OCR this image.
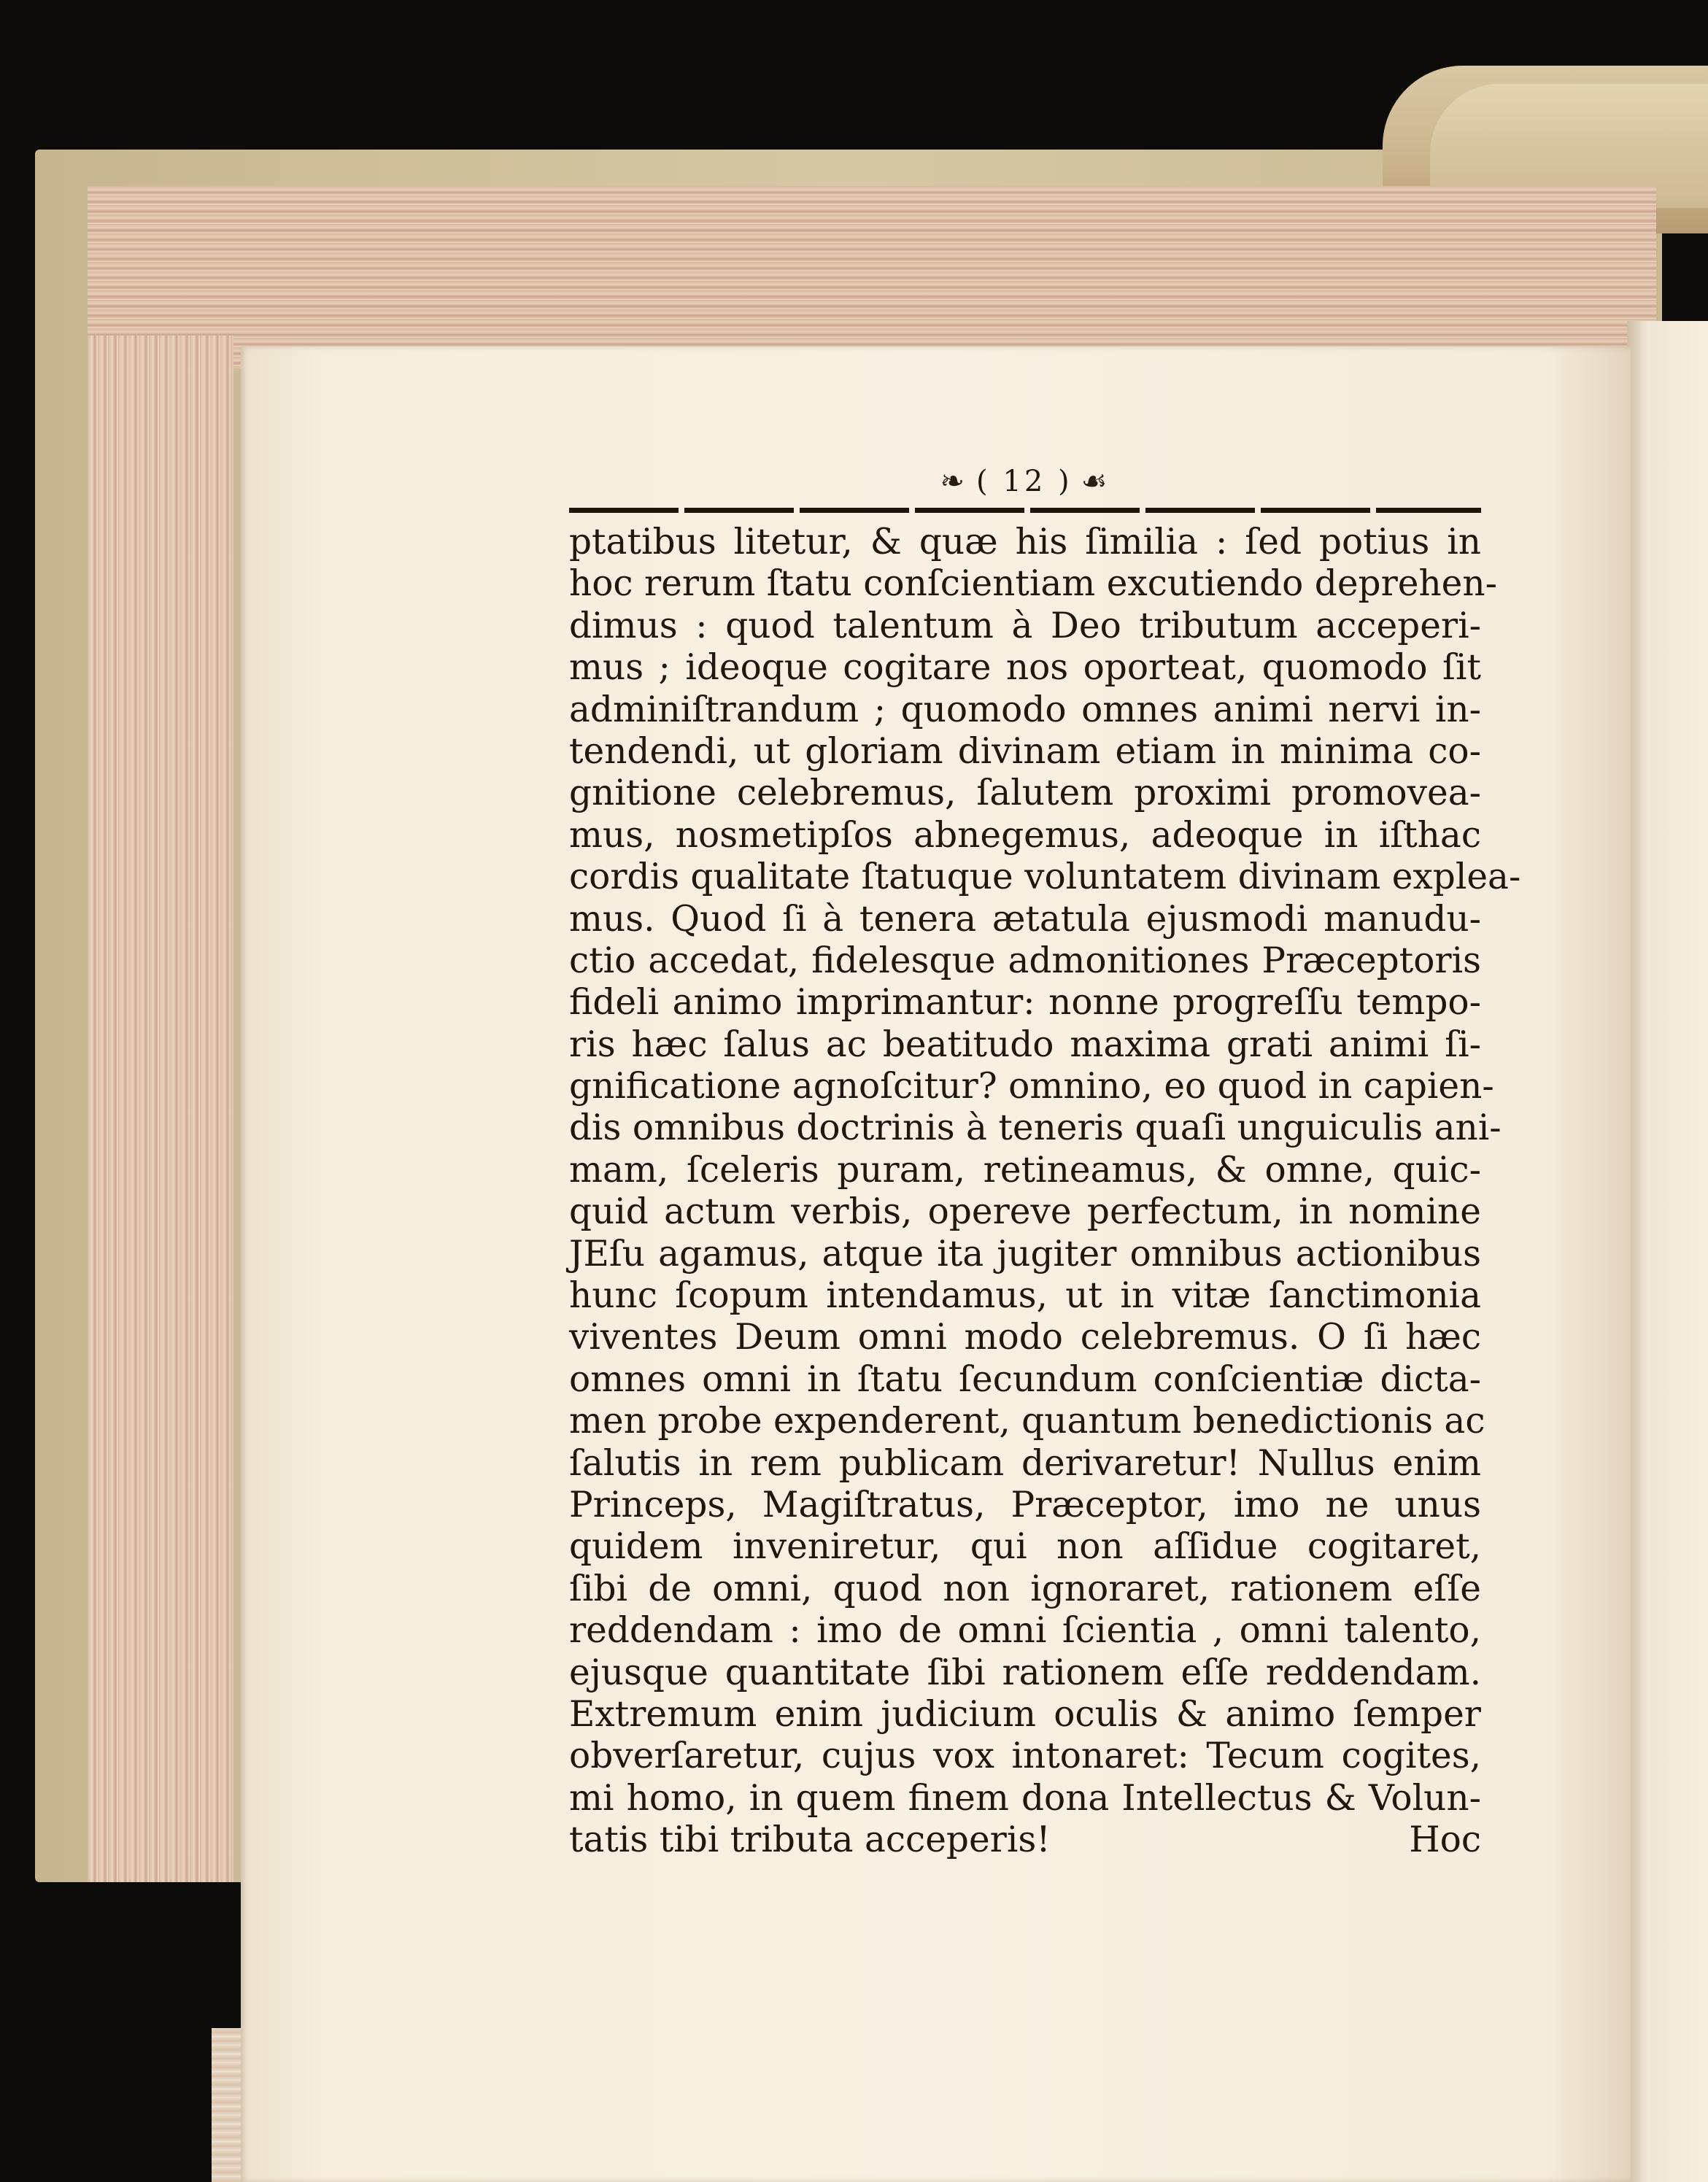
❧ ( 12 ) ☙
ptatibus litetur, & quæ his ſimilia : ſed potius in
hoc rerum ſtatu conſcientiam excutiendo deprehen-
dimus : quod talentum à Deo tributum acceperi-
mus ; ideoque cogitare nos oporteat, quomodo ſit
adminiſtrandum ; quomodo omnes animi nervi in-
tendendi, ut gloriam divinam etiam in minima co-
gnitione celebremus, ſalutem proximi promovea-
mus, nosmetipſos abnegemus, adeoque in iſthac
cordis qualitate ſtatuque voluntatem divinam explea-
mus. Quod ſi à tenera ætatula ejusmodi manudu-
ctio accedat, fidelesque admonitiones Præceptoris
fideli animo imprimantur: nonne progreſſu tempo-
ris hæc ſalus ac beatitudo maxima grati animi ſi-
gnificatione agnoſcitur? omnino, eo quod in capien-
dis omnibus doctrinis à teneris quaſi unguiculis ani-
mam, ſceleris puram, retineamus, & omne, quic-
quid actum verbis, opereve perfectum, in nomine
JEſu agamus, atque ita jugiter omnibus actionibus
hunc ſcopum intendamus, ut in vitæ ſanctimonia
viventes Deum omni modo celebremus. O ſi hæc
omnes omni in ſtatu ſecundum conſcientiæ dicta-
men probe expenderent, quantum benedictionis ac
ſalutis in rem publicam derivaretur! Nullus enim
Princeps, Magiſtratus, Præceptor, imo ne unus
quidem inveniretur, qui non aſſidue cogitaret,
ſibi de omni, quod non ignoraret, rationem eſſe
reddendam : imo de omni ſcientia , omni talento,
ejusque quantitate ſibi rationem eſſe reddendam.
Extremum enim judicium oculis & animo ſemper
obverſaretur, cujus vox intonaret: Tecum cogites,
mi homo, in quem finem dona Intellectus & Volun-
tatis tibi tributa acceperis!	Hoc
